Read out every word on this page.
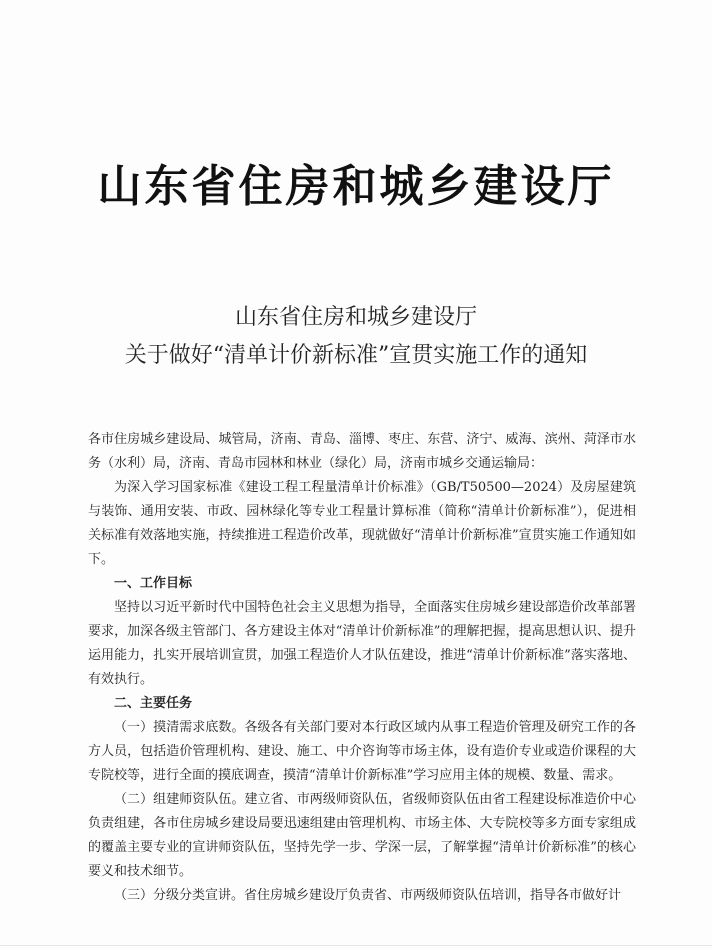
山东省住房和城乡建设厅
山东省住房和城乡建设厅
关于做好“清单计价新标准”宣贯实施工作的通知

各市住房城乡建设局、城管局，济南、青岛、淄博、枣庄、东营、济宁、威海、滨州、菏泽市水务（水利）局，济南、青岛市园林和林业（绿化）局，济南市城乡交通运输局：

为深入学习国家标准《建设工程工程量清单计价标准》（GB/T50500—2024）及房屋建筑与装饰、通用安装、市政、园林绿化等专业工程量计算标准（简称“清单计价新标准”），促进相关标准有效落地实施，持续推进工程造价改革，现就做好“清单计价新标准”宣贯实施工作通知如下。

一、工作目标

坚持以习近平新时代中国特色社会主义思想为指导，全面落实住房城乡建设部造价改革部署要求，加深各级主管部门、各方建设主体对“清单计价新标准”的理解把握，提高思想认识、提升运用能力，扎实开展培训宣贯，加强工程造价人才队伍建设，推进“清单计价新标准”落实落地、有效执行。

二、主要任务

（一）摸清需求底数。各级各有关部门要对本行政区域内从事工程造价管理及研究工作的各方人员，包括造价管理机构、建设、施工、中介咨询等市场主体，设有造价专业或造价课程的大专院校等，进行全面的摸底调查，摸清“清单计价新标准”学习应用主体的规模、数量、需求。

（二）组建师资队伍。建立省、市两级师资队伍，省级师资队伍由省工程建设标准造价中心负责组建，各市住房城乡建设局要迅速组建由管理机构、市场主体、大专院校等多方面专家组成的覆盖主要专业的宣讲师资队伍，坚持先学一步、学深一层，了解掌握“清单计价新标准”的核心要义和技术细节。

（三）分级分类宣讲。省住房城乡建设厅负责省、市两级师资队伍培训，指导各市做好计
